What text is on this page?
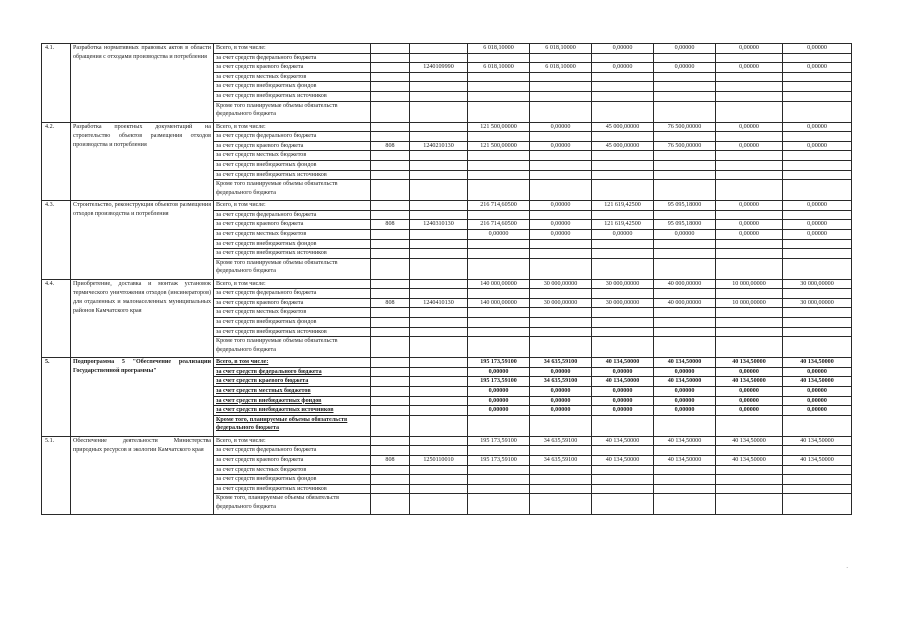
4.1.	Разработка нормативных правовых актов в области обращения с отходами производства и потребления	Всего, в том числе:			6 018,10000	6 018,10000	0,00000	0,00000	0,00000	0,00000
		за счет средств федерального бюджета								
		за счет средств краевого бюджета		1240109990	6 018,10000	6 018,10000	0,00000	0,00000	0,00000	0,00000
		за счет средств местных бюджетов								
		за счет средств внебюджетных фондов								
		за счет средств внебюджетных источников								
		Кроме того планируемые объемы обязательств федерального бюджета								
4.2.	Разработка проектных документаций на строительство объектов размещения отходов производства и потребления	Всего, в том числе:			121 500,00000	0,00000	45 000,00000	76 500,00000	0,00000	0,00000
		за счет средств федерального бюджета								
		за счет средств краевого бюджета	808	1240210130	121 500,00000	0,00000	45 000,00000	76 500,00000	0,00000	0,00000
		за счет средств местных бюджетов								
		за счет средств внебюджетных фондов								
		за счет средств внебюджетных источников								
		Кроме того планируемые объемы обязательств федерального бюджета								
4.3.	Строительство, реконструкция объектов размещения отходов производства и потребления	Всего, в том числе:			216 714,60500	0,00000	121 619,42500	95 095,18000	0,00000	0,00000
		за счет средств федерального бюджета								
		за счет средств краевого бюджета	808	1240310130	216 714,60500	0,00000	121 619,42500	95 095,18000	0,00000	0,00000
		за счет средств местных бюджетов			0,00000	0,00000	0,00000	0,00000	0,00000	0,00000
		за счет средств внебюджетных фондов								
		за счет средств внебюджетных источников								
		Кроме того планируемые объемы обязательств федерального бюджета								
4.4.	Приобретение, доставка и монтаж установок термического уничтожения отходов (инсинераторов) для отдаленных и малонаселенных муниципальных районов Камчатского края	Всего, в том числе:			140 000,00000	30 000,00000	30 000,00000	40 000,00000	10 000,00000	30 000,00000
		за счет средств федерального бюджета								
		за счет средств краевого бюджета	808	1240410130	140 000,00000	30 000,00000	30 000,00000	40 000,00000	10 000,00000	30 000,00000
		за счет средств местных бюджетов								
		за счет средств внебюджетных фондов								
		за счет средств внебюджетных источников								
		Кроме того планируемые объемы обязательств федерального бюджета								
5.	Подпрограмма 5 "Обеспечение реализации Государственной программы"	Всего, в том числе:			195 173,59100	34 635,59100	40 134,50000	40 134,50000	40 134,50000	40 134,50000
		за счет средств федерального бюджета			0,00000	0,00000	0,00000	0,00000	0,00000	0,00000
		за счет средств краевого бюджета			195 173,59100	34 635,59100	40 134,50000	40 134,50000	40 134,50000	40 134,50000
		за счет средств местных бюджетов			0,00000	0,00000	0,00000	0,00000	0,00000	0,00000
		за счет средств внебюджетных фондов			0,00000	0,00000	0,00000	0,00000	0,00000	0,00000
		за счет средств внебюджетных источников			0,00000	0,00000	0,00000	0,00000	0,00000	0,00000
		Кроме того, планируемые объемы обязательств федерального бюджета								
5.1.	Обеспечение деятельности Министерства природных ресурсов и экологии Камчатского края	Всего, в том числе:			195 173,59100	34 635,59100	40 134,50000	40 134,50000	40 134,50000	40 134,50000
		за счет средств федерального бюджета								
		за счет средств краевого бюджета	808	1250110010	195 173,59100	34 635,59100	40 134,50000	40 134,50000	40 134,50000	40 134,50000
		за счет средств местных бюджетов								
		за счет средств внебюджетных фондов								
		за счет средств внебюджетных источников								
		Кроме того, планируемые объемы обязательств федерального бюджета								
·
